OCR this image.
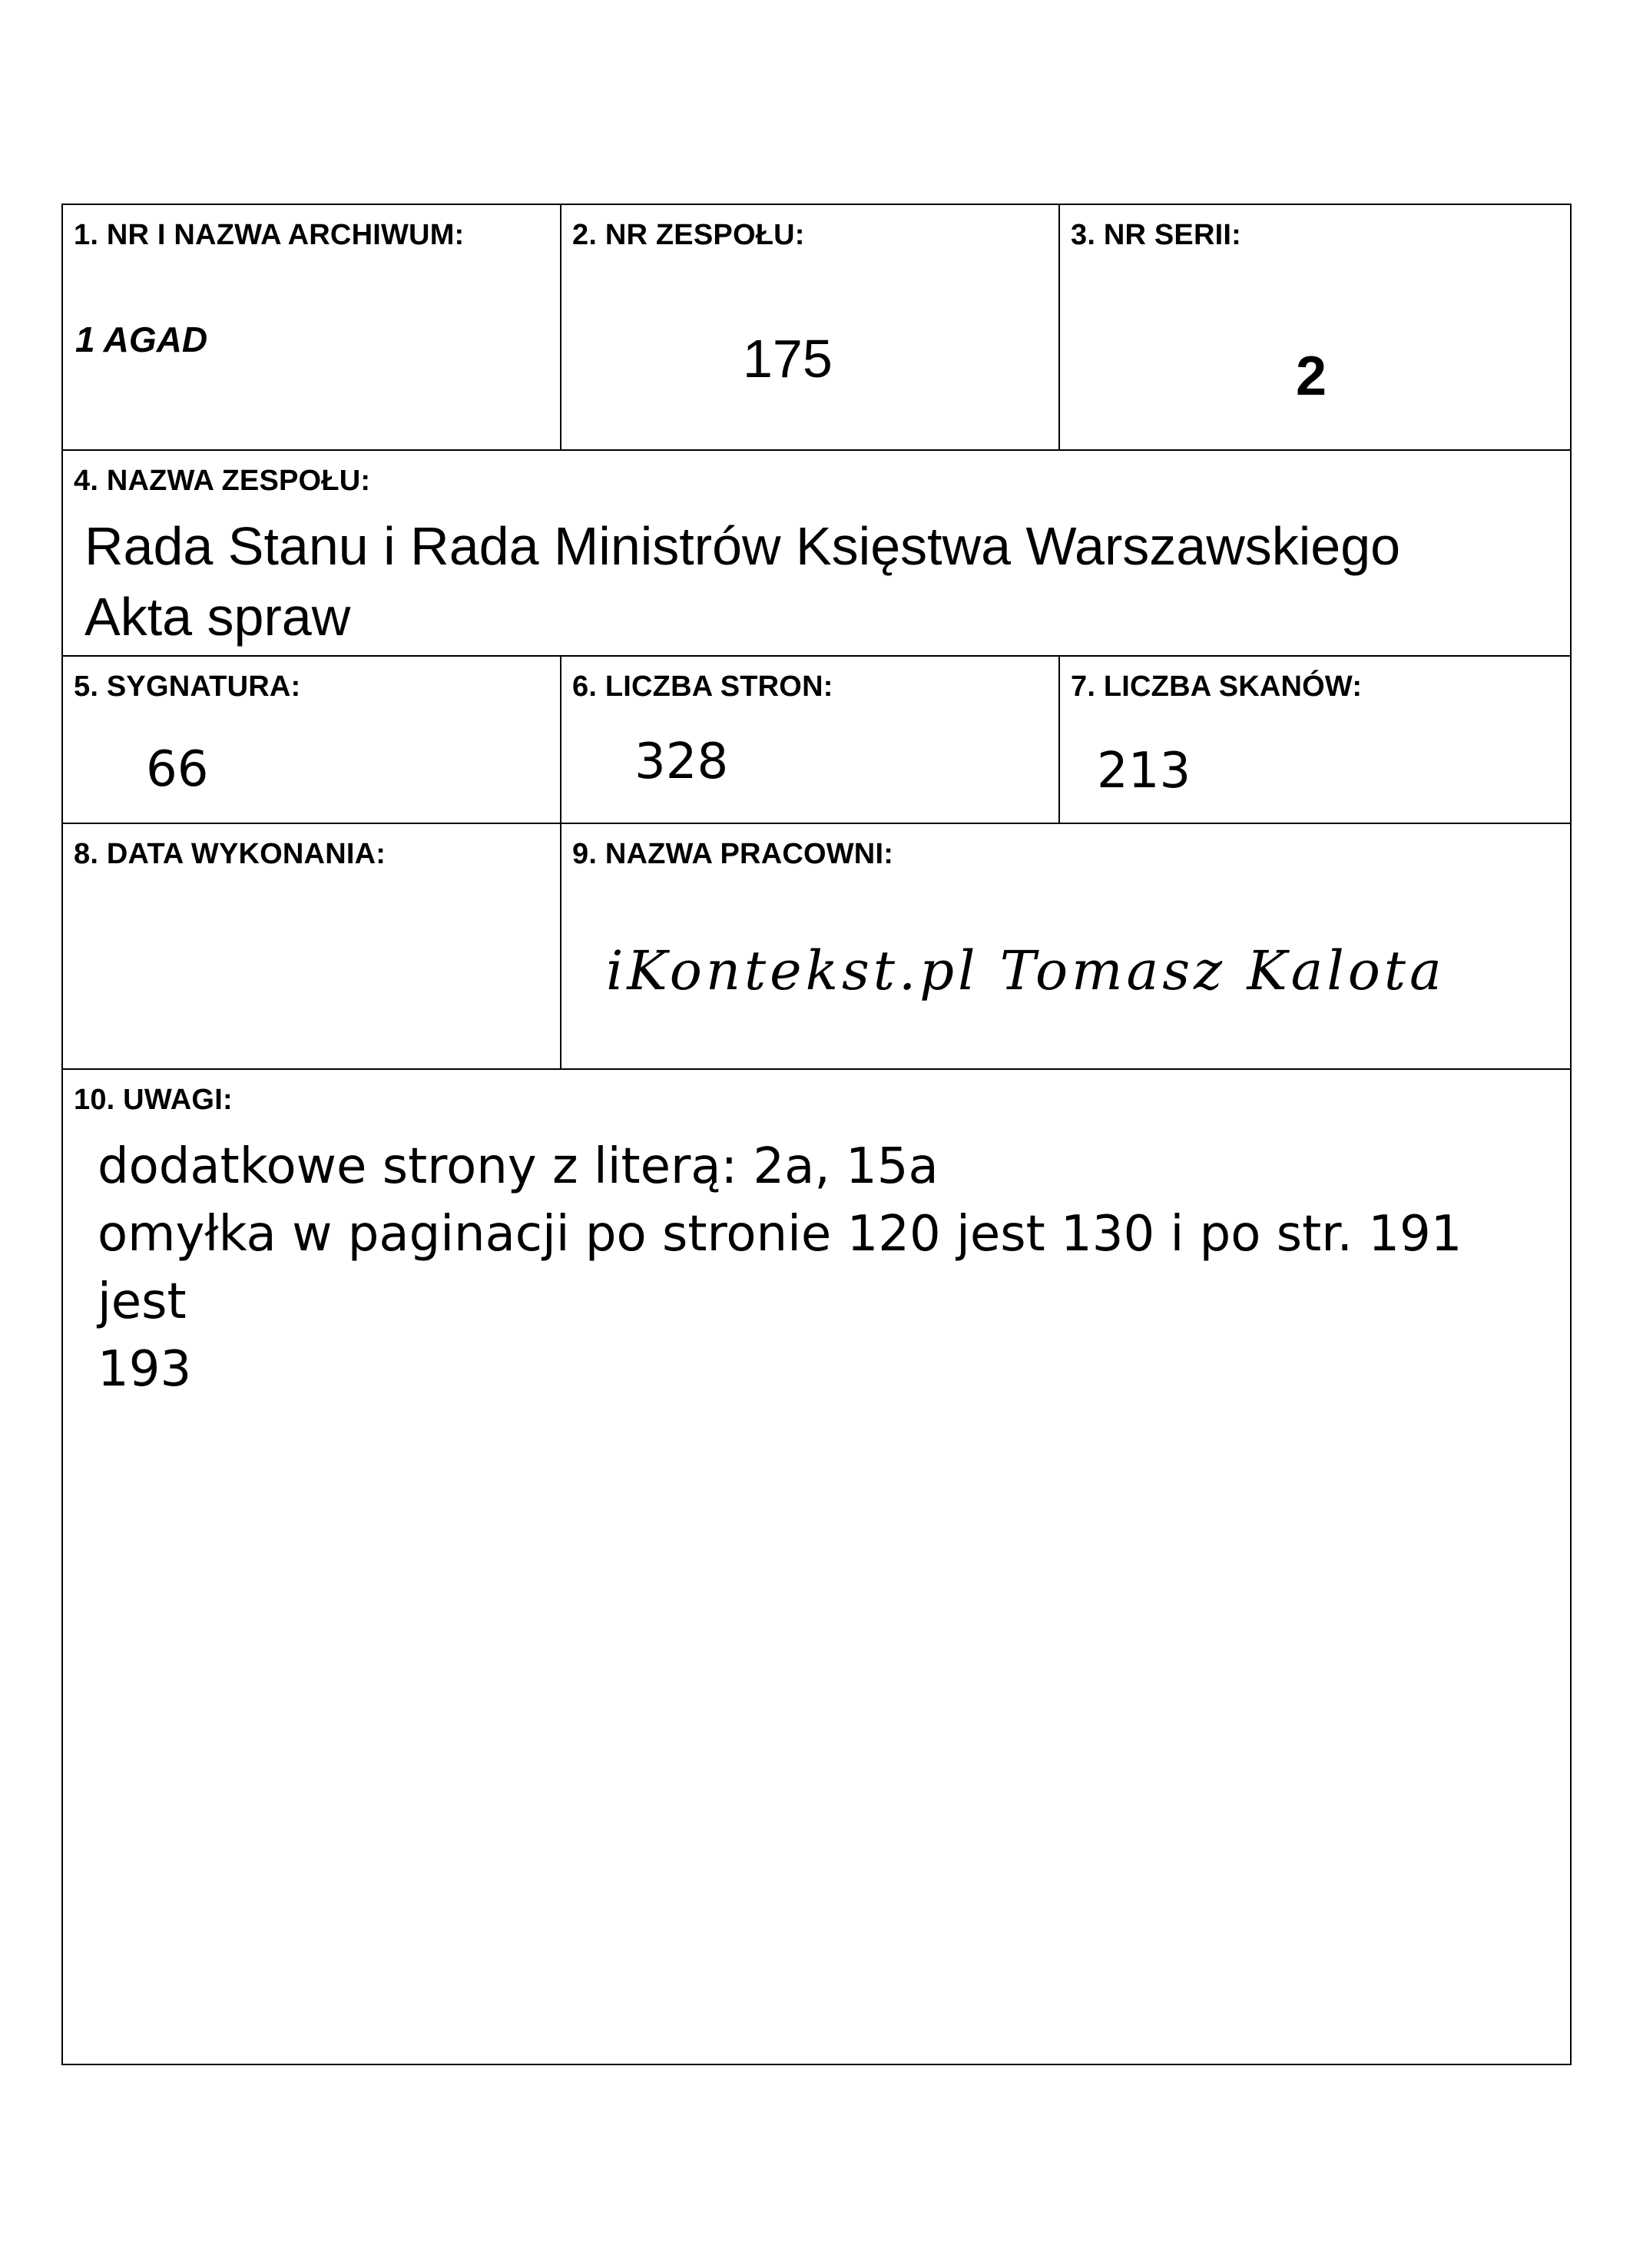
1. NR I NAZWA ARCHIWUM:
1 AGAD
2. NR ZESPOŁU:
175
3. NR SERII:
2
4. NAZWA ZESPOŁU:
Rada Stanu i Rada Ministrów Księstwa Warszawskiego
Akta spraw
5. SYGNATURA:
66
6. LICZBA STRON:
328
7. LICZBA SKANÓW:
213
8. DATA WYKONANIA:	9. NAZWA PRACOWNI:
iKontekst.pl Tomasz Kalota
10. UWAGI:
dodatkowe strony z literą: 2a, 15a
omyłka w paginacji po stronie 120 jest 130 i po str. 191 jest
193
